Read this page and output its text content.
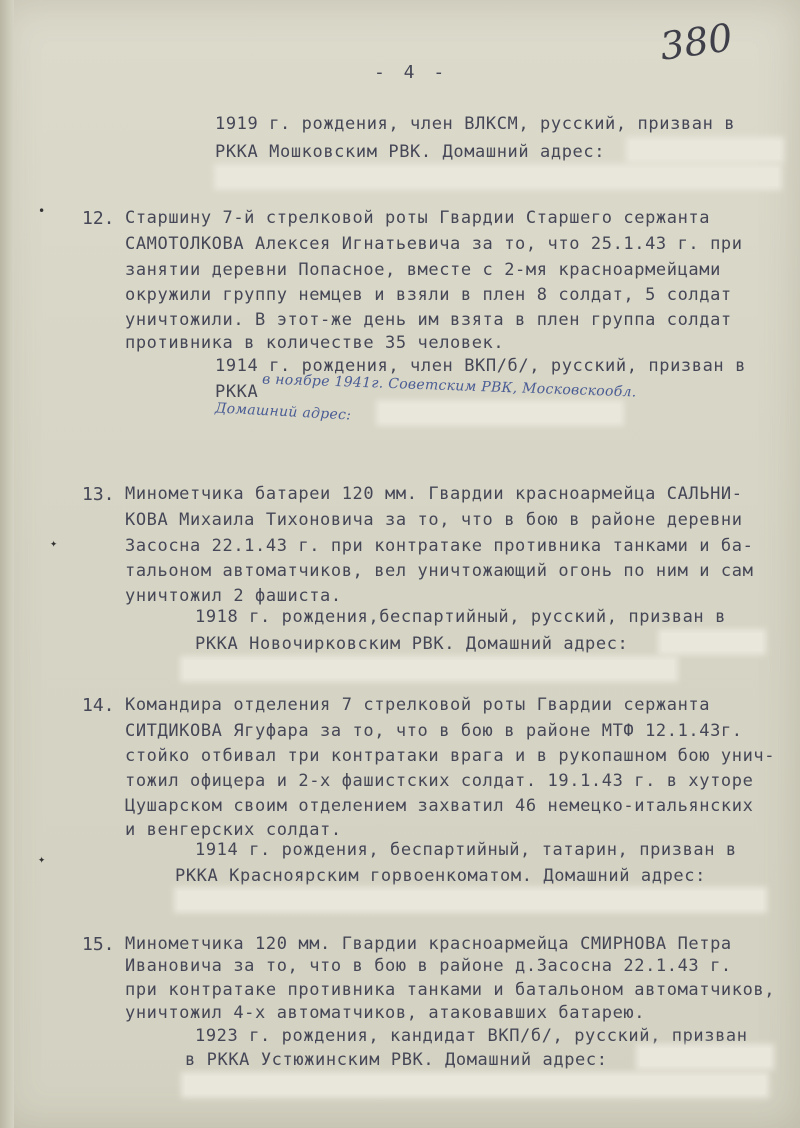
380
- 4 -
1919 г. рождения, член ВЛКСМ, русский, призван в
РККА Мошковским РВК. Домашний адрес:
• 12. Старшину 7-й стрелковой роты Гвардии Старшего сержанта
САМОТОЛКОВА Алексея Игнатьевича за то, что 25.1.43 г. при
занятии деревни Попасное, вместе с 2-мя красноармейцами
окружили группу немцев и взяли в плен 8 солдат, 5 солдат
уничтожили. В этот-же день им взята в плен группа солдат
противника в количестве 35 человек.
1914 г. рождения, член ВКП/б/, русский, призван в
РККА в ноябре 1941г. Советским РВК, Московскообл.
Домашний адрес:
13. Минометчика батареи 120 мм. Гвардии красноармейца САЛЬНИ-
КОВА Михаила Тихоновича за то, что в бою в районе деревни
✦	Засосна 22.1.43 г. при контратаке противника танками и ба-
тальоном автоматчиков, вел уничтожающий огонь по ним и сам
уничтожил 2 фашиста.
1918 г. рождения,беспартийный, русский, призван в
РККА Новочирковским РВК. Домашний адрес:
14. Командира отделения 7 стрелковой роты Гвардии сержанта
СИТДИКОВА Ягуфара за то, что в бою в районе МТФ 12.1.43г.
стойко отбивал три контратаки врага и в рукопашном бою унич-
тожил офицера и 2-х фашистских солдат. 19.1.43 г. в хуторе
Цушарском своим отделением захватил 46 немецко-итальянских
и венгерских солдат.
✦	1914 г. рождения, беспартийный, татарин, призван в
РККА Красноярским горвоенкоматом. Домашний адрес:
15. Минометчика 120 мм. Гвардии красноармейца СМИРНОВА Петра
Ивановича за то, что в бою в районе д.Засосна 22.1.43 г.
при контратаке противника танками и батальоном автоматчиков,
уничтожил 4-х автоматчиков, атаковавших батарею.
1923 г. рождения, кандидат ВКП/б/, русский, призван
в РККА Устюжинским РВК. Домашний адрес:
